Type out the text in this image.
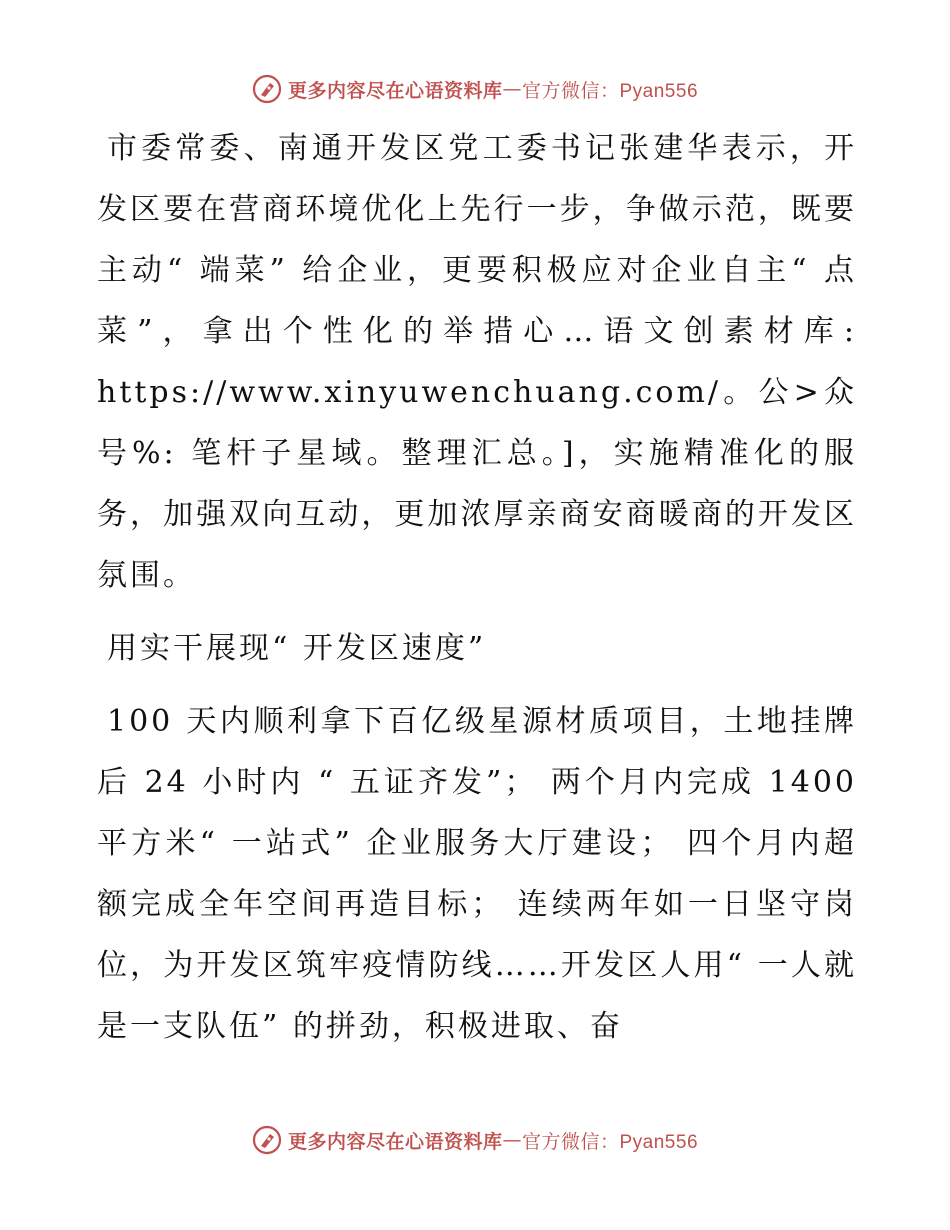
更多内容尽在心语资料库 — 官方微信：Pyan556

市委常委、南通开发区党工委书记张建华表示，开发区要在营商环境优化上先行一步，争做示范，既要主动“ 端菜” 给企业，更要积极应对企业自主“ 点菜”，拿出个性化的举措心…语文创素材库: https://www.xinyuwenchuang.com/。公>众号%: 笔杆子星域。整理汇总。]，实施精准化的服务，加强双向互动，更加浓厚亲商安商暖商的开发区氛围。

用实干展现“ 开发区速度”

100 天内顺利拿下百亿级星源材质项目，土地挂牌后 24 小时内 “ 五证齐发”； 两个月内完成 1400 平方米“ 一站式” 企业服务大厅建设； 四个月内超额完成全年空间再造目标； 连续两年如一日坚守岗位，为开发区筑牢疫情防线……开发区人用“ 一人就是一支队伍” 的拼劲，积极进取、奋

更多内容尽在心语资料库 — 官方微信：Pyan556
